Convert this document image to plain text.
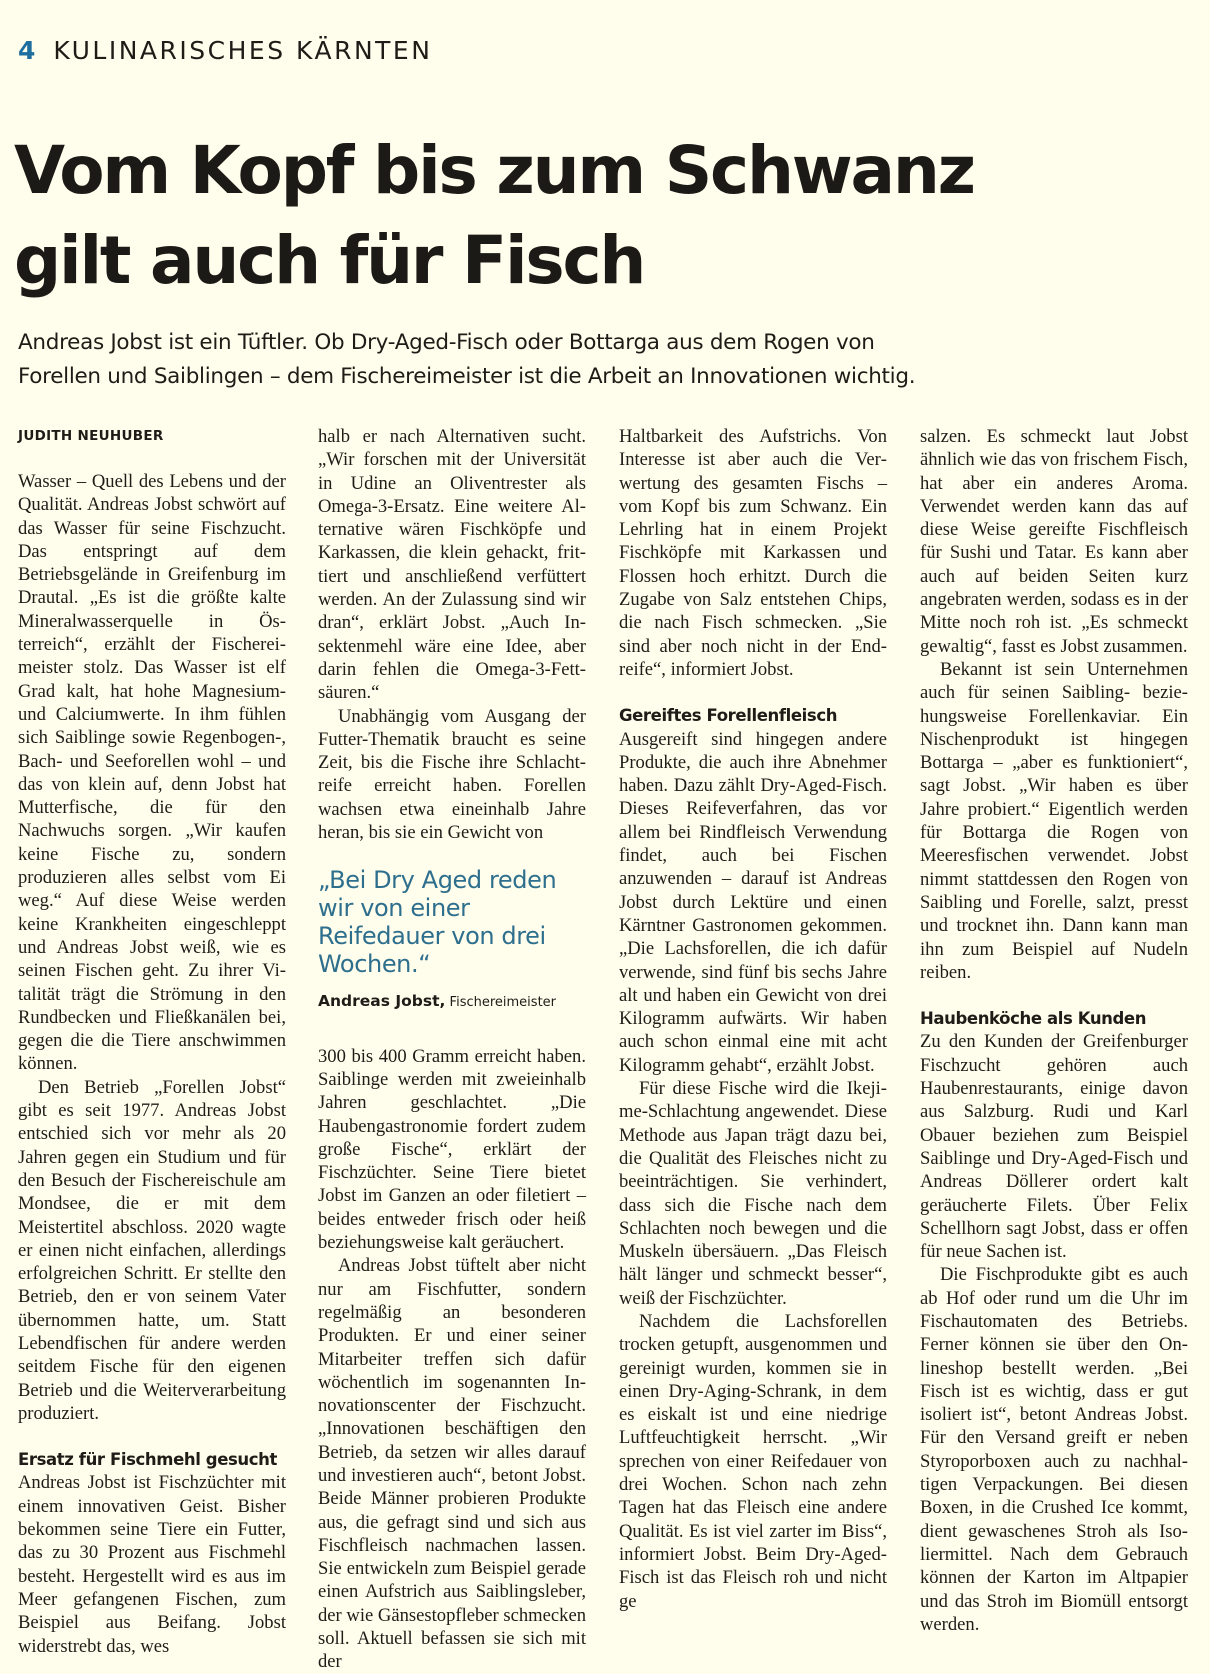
4 KULINARISCHES KÄRNTEN
Vom Kopf bis zum Schwanz
gilt auch für Fisch

Andreas Jobst ist ein Tüftler. Ob Dry-Aged-Fisch oder Bottarga aus dem Rogen von
Forellen und Saiblingen – dem Fischereimeister ist die Arbeit an Innovationen wichtig.

JUDITH NEUHUBER

Wasser – Quell des Lebens und der Qualität. Andreas Jobst schwört auf das Wasser für seine Fischzucht. Das entspringt auf dem Betriebsgelände in Greifenburg im Drautal. „Es ist die größte kalte Mineralwasserquelle in Österreich“, erzählt der Fischereimeister stolz. Das Wasser ist elf Grad kalt, hat hohe Magnesium- und Calciumwerte. In ihm fühlen sich Saiblinge sowie Regenbogen-, Bach- und Seeforellen wohl – und das von klein auf, denn Jobst hat Mutterfische, die für den Nachwuchs sorgen. „Wir kaufen keine Fische zu, sondern produzieren alles selbst vom Ei weg.“ Auf diese Weise werden keine Krankheiten eingeschleppt und Andreas Jobst weiß, wie es seinen Fischen geht. Zu ihrer Vitalität trägt die Strömung in den Rundbecken und Fließkanälen bei, gegen die die Tiere anschwimmen können.

Den Betrieb „Forellen Jobst“ gibt es seit 1977. Andreas Jobst entschied sich vor mehr als 20 Jahren gegen ein Studium und für den Besuch der Fischereischule am Mondsee, die er mit dem Meistertitel abschloss. 2020 wagte er einen nicht einfachen, allerdings erfolgreichen Schritt. Er stellte den Betrieb, den er von seinem Vater übernommen hatte, um. Statt Lebendfischen für andere werden seitdem Fische für den eigenen Betrieb und die Weiterverarbeitung produziert.

Ersatz für Fischmehl gesucht

Andreas Jobst ist Fischzüchter mit einem innovativen Geist. Bisher bekommen seine Tiere ein Futter, das zu 30 Prozent aus Fischmehl besteht. Hergestellt wird es aus im Meer gefangenen Fischen, zum Beispiel aus Beifang. Jobst widerstrebt das, wes

halb er nach Alternativen sucht. „Wir forschen mit der Universität in Udine an Oliventrester als Omega-3-Ersatz. Eine weitere Alternative wären Fischköpfe und Karkassen, die klein gehackt, frittiert und anschließend verfüttert werden. An der Zulassung sind wir dran“, erklärt Jobst. „Auch Insektenmehl wäre eine Idee, aber darin fehlen die Omega-3-Fettsäuren.“

Unabhängig vom Ausgang der Futter-Thematik braucht es seine Zeit, bis die Fische ihre Schlachtreife erreicht haben. Forellen wachsen etwa eineinhalb Jahre heran, bis sie ein Gewicht von

„Bei Dry Aged reden wir von einer Reifedauer von drei Wochen.“
Andreas Jobst, Fischereimeister

300 bis 400 Gramm erreicht haben. Saiblinge werden mit zweieinhalb Jahren geschlachtet. „Die Haubengastronomie fordert zudem große Fische“, erklärt der Fischzüchter. Seine Tiere bietet Jobst im Ganzen an oder filetiert – beides entweder frisch oder heiß beziehungsweise kalt geräuchert.

Andreas Jobst tüftelt aber nicht nur am Fischfutter, sondern regelmäßig an besonderen Produkten. Er und einer seiner Mitarbeiter treffen sich dafür wöchentlich im sogenannten Innovationscenter der Fischzucht. „Innovationen beschäftigen den Betrieb, da setzen wir alles darauf und investieren auch“, betont Jobst. Beide Männer probieren Produkte aus, die gefragt sind und sich aus Fischfleisch nachmachen lassen. Sie entwickeln zum Beispiel gerade einen Aufstrich aus Saiblingsleber, der wie Gänsestopfleber schmecken soll. Aktuell befassen sie sich mit der

Haltbarkeit des Aufstrichs. Von Interesse ist aber auch die Verwertung des gesamten Fischs – vom Kopf bis zum Schwanz. Ein Lehrling hat in einem Projekt Fischköpfe mit Karkassen und Flossen hoch erhitzt. Durch die Zugabe von Salz entstehen Chips, die nach Fisch schmecken. „Sie sind aber noch nicht in der Endreife“, informiert Jobst.

Gereiftes Forellenfleisch

Ausgereift sind hingegen andere Produkte, die auch ihre Abnehmer haben. Dazu zählt Dry-Aged-Fisch. Dieses Reifeverfahren, das vor allem bei Rindfleisch Verwendung findet, auch bei Fischen anzuwenden – darauf ist Andreas Jobst durch Lektüre und einen Kärntner Gastronomen gekommen. „Die Lachsforellen, die ich dafür verwende, sind fünf bis sechs Jahre alt und haben ein Gewicht von drei Kilogramm aufwärts. Wir haben auch schon einmal eine mit acht Kilogramm gehabt“, erzählt Jobst.

Für diese Fische wird die Ikejime-Schlachtung angewendet. Diese Methode aus Japan trägt dazu bei, die Qualität des Fleisches nicht zu beeinträchtigen. Sie verhindert, dass sich die Fische nach dem Schlachten noch bewegen und die Muskeln übersäuern. „Das Fleisch hält länger und schmeckt besser“, weiß der Fischzüchter.

Nachdem die Lachsforellen trocken getupft, ausgenommen und gereinigt wurden, kommen sie in einen Dry-Aging-Schrank, in dem es eiskalt ist und eine niedrige Luftfeuchtigkeit herrscht. „Wir sprechen von einer Reifedauer von drei Wochen. Schon nach zehn Tagen hat das Fleisch eine andere Qualität. Es ist viel zarter im Biss“, informiert Jobst. Beim Dry-Aged-Fisch ist das Fleisch roh und nicht ge

salzen. Es schmeckt laut Jobst ähnlich wie das von frischem Fisch, hat aber ein anderes Aroma. Verwendet werden kann das auf diese Weise gereifte Fischfleisch für Sushi und Tatar. Es kann aber auch auf beiden Seiten kurz angebraten werden, sodass es in der Mitte noch roh ist. „Es schmeckt gewaltig“, fasst es Jobst zusammen.

Bekannt ist sein Unternehmen auch für seinen Saibling- beziehungsweise Forellenkaviar. Ein Nischenprodukt ist hingegen Bottarga – „aber es funktioniert“, sagt Jobst. „Wir haben es über Jahre probiert.“ Eigentlich werden für Bottarga die Rogen von Meeresfischen verwendet. Jobst nimmt stattdessen den Rogen von Saibling und Forelle, salzt, presst und trocknet ihn. Dann kann man ihn zum Beispiel auf Nudeln reiben.

Haubenköche als Kunden

Zu den Kunden der Greifenburger Fischzucht gehören auch Haubenrestaurants, einige davon aus Salzburg. Rudi und Karl Obauer beziehen zum Beispiel Saiblinge und Dry-Aged-Fisch und Andreas Döllerer ordert kalt geräucherte Filets. Über Felix Schellhorn sagt Jobst, dass er offen für neue Sachen ist.

Die Fischprodukte gibt es auch ab Hof oder rund um die Uhr im Fischautomaten des Betriebs. Ferner können sie über den Onlineshop bestellt werden. „Bei Fisch ist es wichtig, dass er gut isoliert ist“, betont Andreas Jobst. Für den Versand greift er neben Styroporboxen auch zu nachhaltigen Verpackungen. Bei diesen Boxen, in die Crushed Ice kommt, dient gewaschenes Stroh als Isoliermittel. Nach dem Gebrauch können der Karton im Altpapier und das Stroh im Biomüll entsorgt werden.
